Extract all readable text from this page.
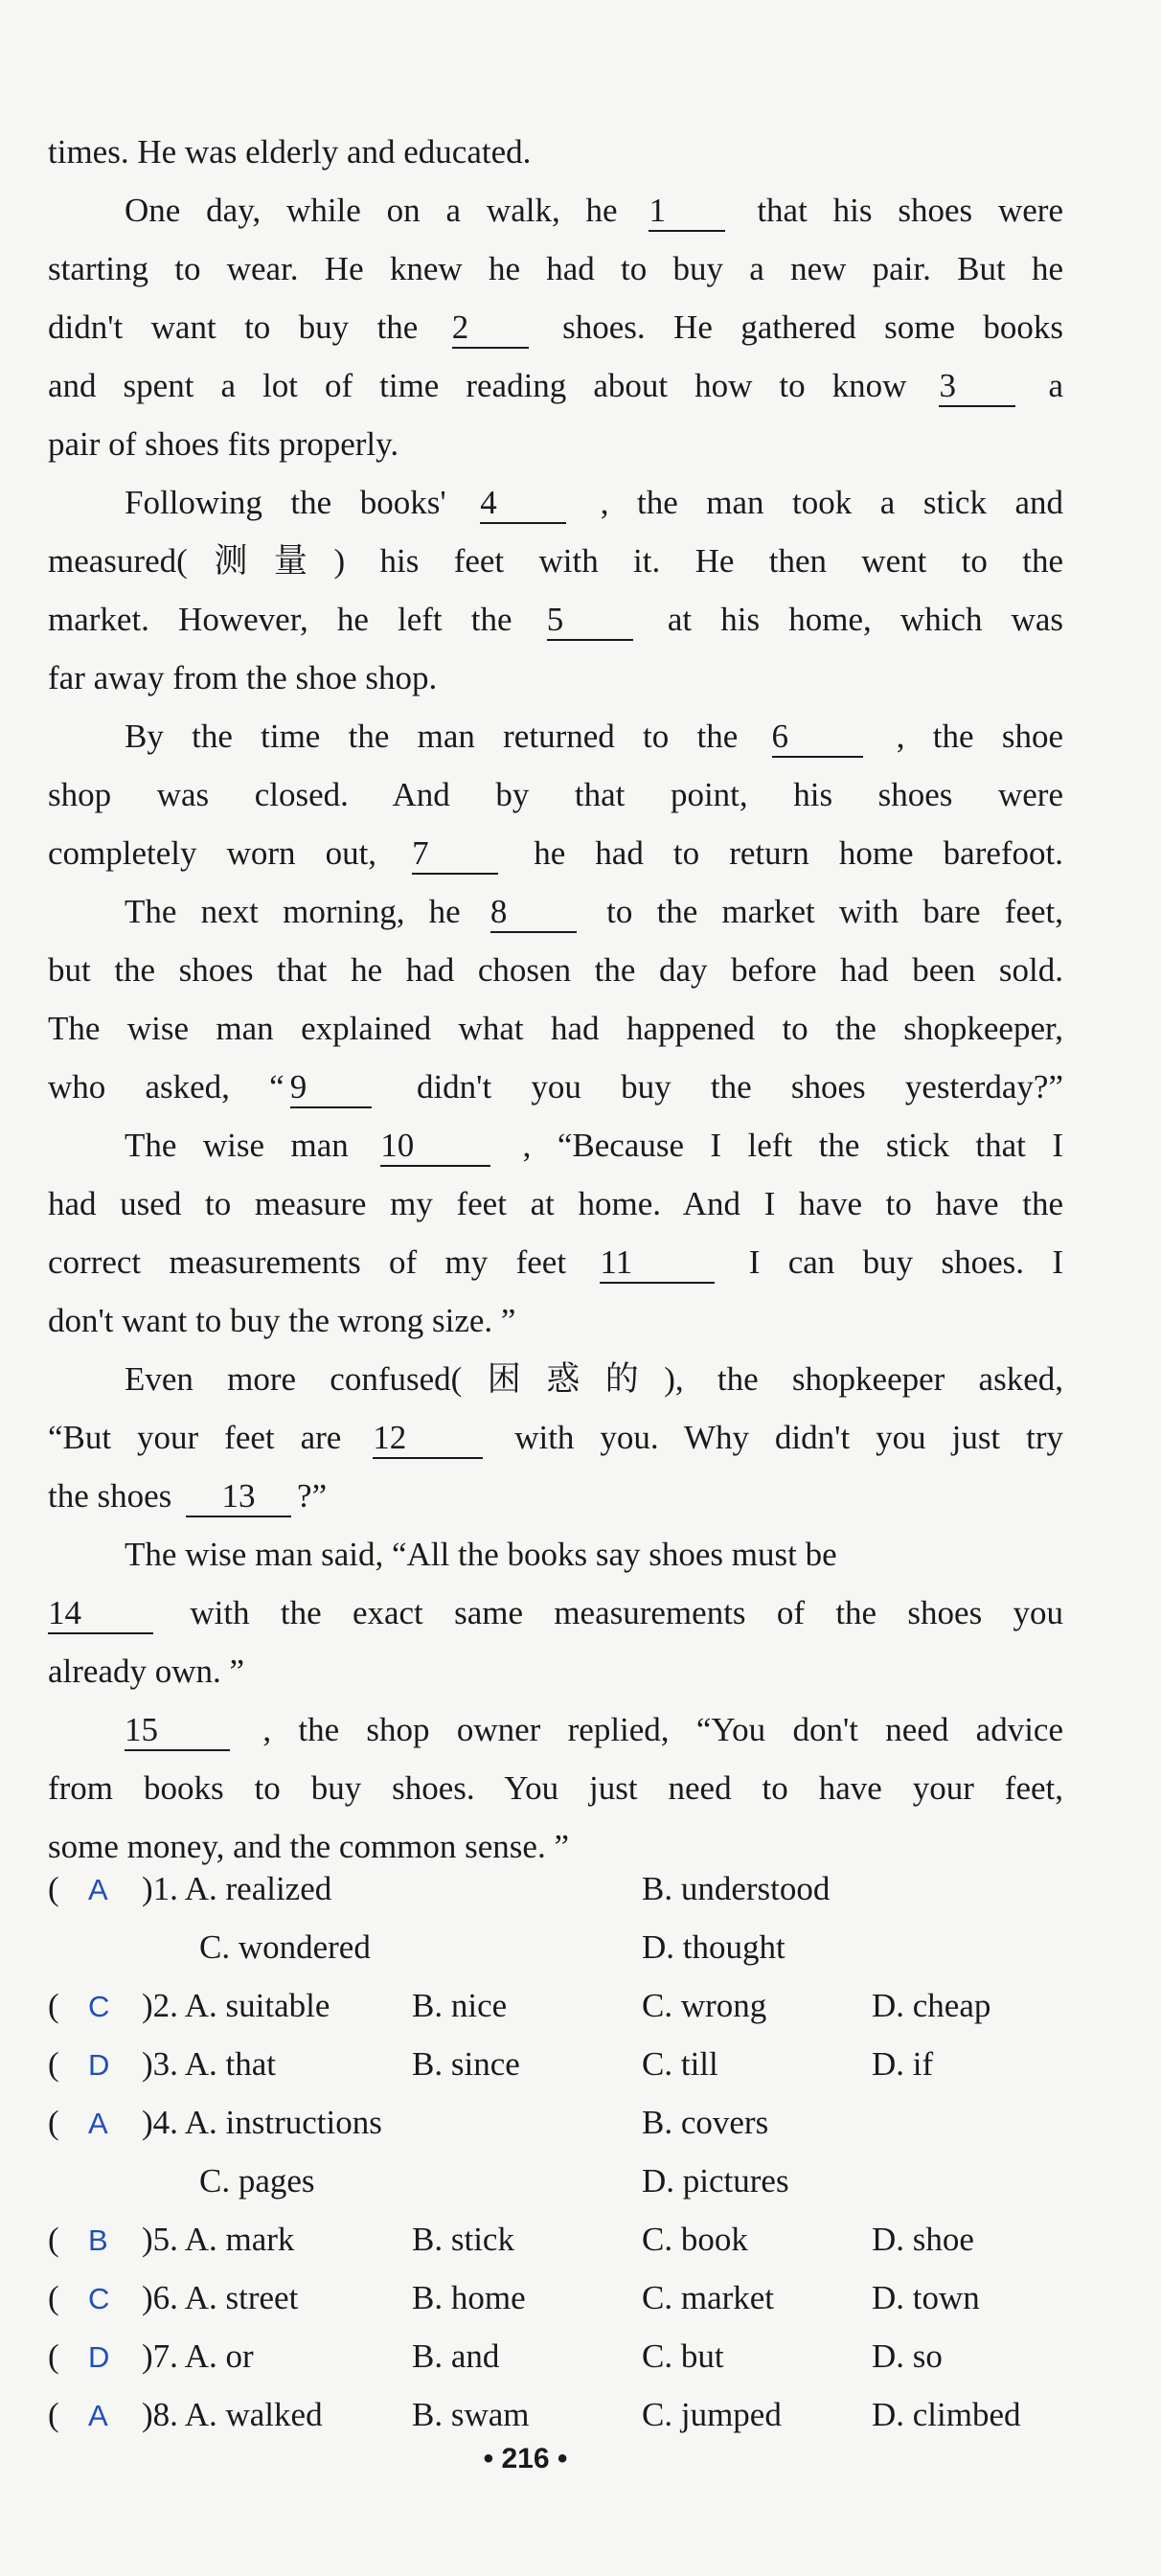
times. He was elderly and educated.
One day, while on a walk, he 1	that his shoes were
starting to wear. He knew he had to buy a new pair. But he
didn't want to buy the 2	shoes. He gathered some books
and spent a lot of time reading about how to know 3	a
pair of shoes fits properly.
Following the books' 4	, the man took a stick and
measured(测量) his feet with it. He then went to the
market. However, he left the 5	at his home, which was
far away from the shoe shop.
By the time the man returned to the 6	, the shoe
shop was closed. And by that point, his shoes were
completely worn out, 7	he had to return home barefoot.
The next morning, he 8	to the market with bare feet,
but the shoes that he had chosen the day before had been sold.
The wise man explained what had happened to the shopkeeper,
who asked, “ 9	didn't you buy the shoes yesterday?”
The wise man 10	, “Because I left the stick that I
had used to measure my feet at home. And I have to have the
correct measurements of my feet 11	I can buy shoes. I
don't want to buy the wrong size. ”
Even more confused(困惑的), the shopkeeper asked,
“But your feet are 12	with you. Why didn't you just try
the shoes 13 ?”
The wise man said, “All the books say shoes must be
14	with the exact same measurements of the shoes you
already own. ”
15	, the shop owner replied, “You don't need advice
from books to buy shoes. You just need to have your feet,
some money, and the common sense. ”
( A )1. A. realized	B. understood
C. wondered	D. thought
( C )2. A. suitable B. nice	C. wrong	D. cheap
( D )3. A. that	B. since	C. till	D. if
( A )4. A. instructions	B. covers
C. pages	D. pictures
( B )5. A. mark	B. stick	C. book	D. shoe
( C )6. A. street	B. home	C. market	D. town
( D )7. A. or	B. and	C. but	D. so
( A )8. A. walked	B. swam	C. jumped	D. climbed
• 216 •
